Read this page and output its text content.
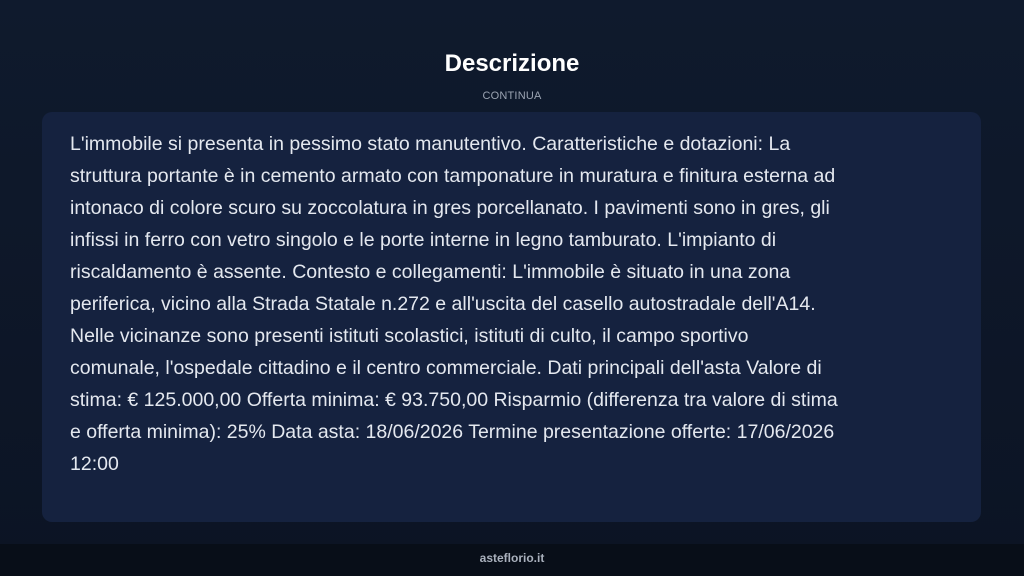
Descrizione
CONTINUA
L'immobile si presenta in pessimo stato manutentivo. Caratteristiche e dotazioni: La
struttura portante è in cemento armato con tamponature in muratura e finitura esterna ad
intonaco di colore scuro su zoccolatura in gres porcellanato. I pavimenti sono in gres, gli
infissi in ferro con vetro singolo e le porte interne in legno tamburato. L'impianto di
riscaldamento è assente. Contesto e collegamenti: L'immobile è situato in una zona
periferica, vicino alla Strada Statale n.272 e all'uscita del casello autostradale dell'A14.
Nelle vicinanze sono presenti istituti scolastici, istituti di culto, il campo sportivo
comunale, l'ospedale cittadino e il centro commerciale. Dati principali dell'asta Valore di
stima: € 125.000,00 Offerta minima: € 93.750,00 Risparmio (differenza tra valore di stima
e offerta minima): 25% Data asta: 18/06/2026 Termine presentazione offerte: 17/06/2026
12:00
asteflorio.it
